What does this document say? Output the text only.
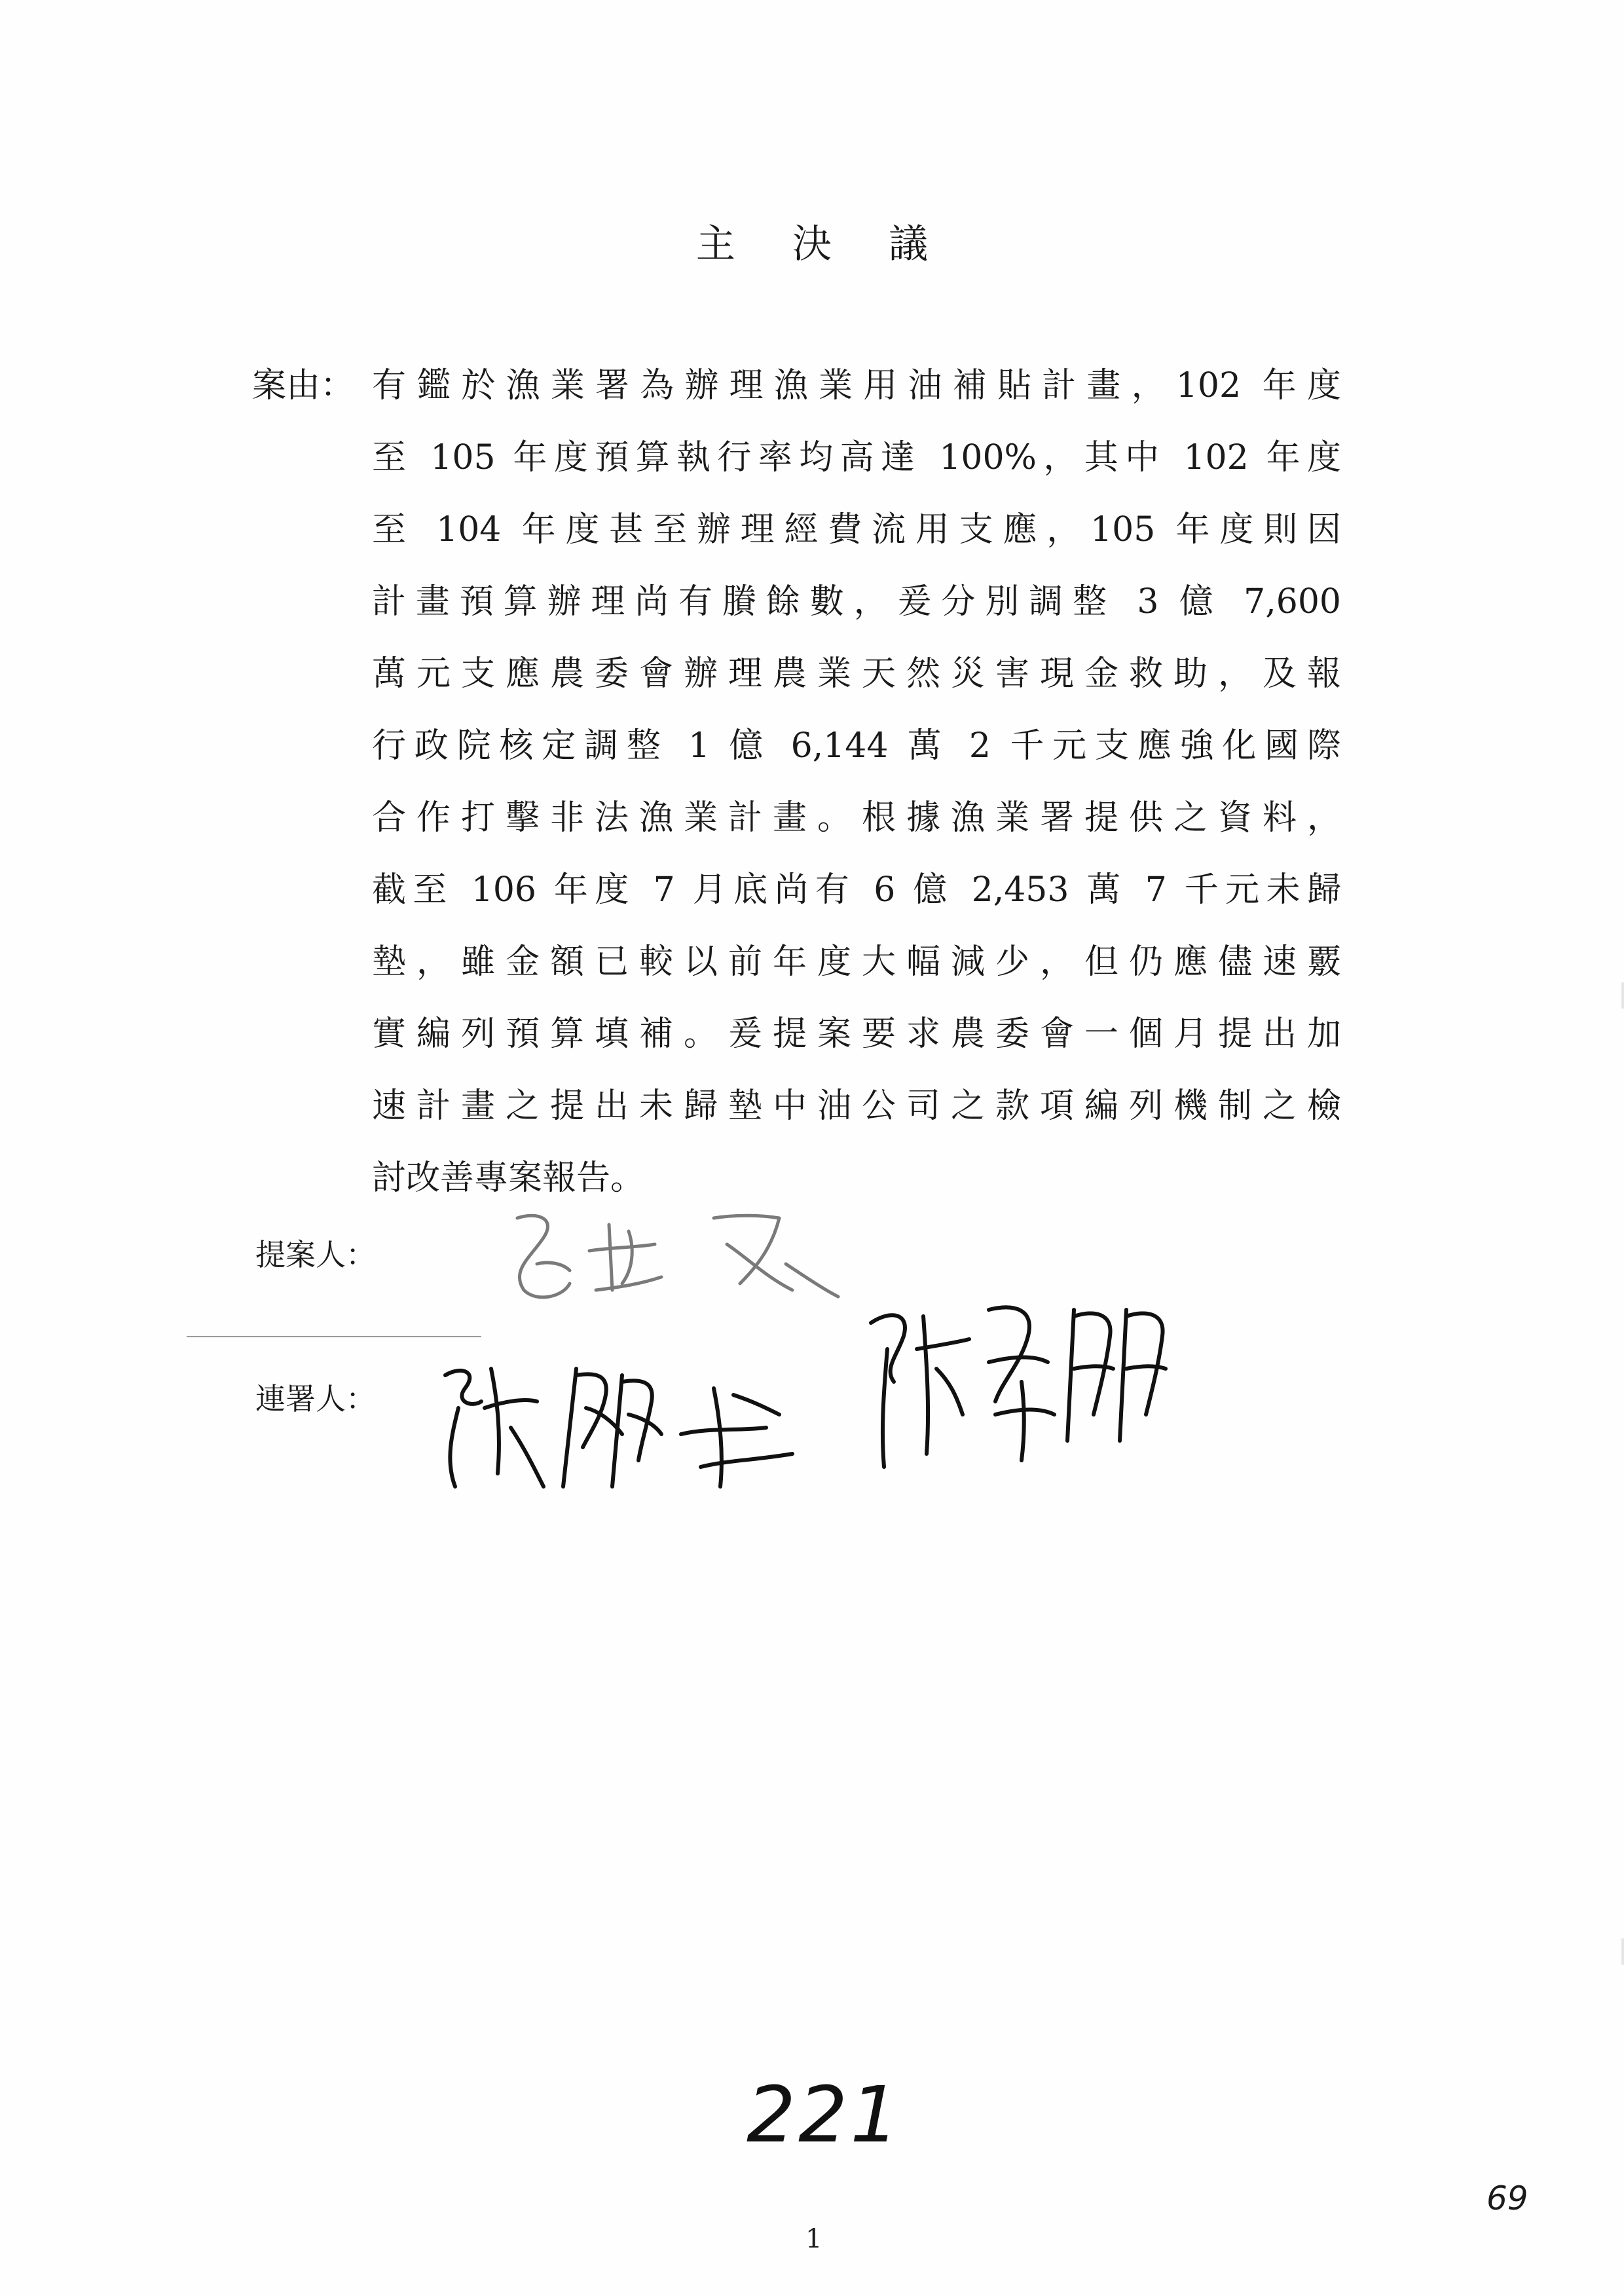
主 決 議
案由： 有鑑於漁業署為辦理漁業用油補貼計畫，102 年度
至 105 年度預算執行率均高達 100%，其中 102 年度
至 104 年度甚至辦理經費流用支應，105 年度則因
計畫預算辦理尚有賸餘數，爰分別調整 3 億 7,600
萬元支應農委會辦理農業天然災害現金救助，及報
行政院核定調整 1 億 6,144 萬 2 千元支應強化國際
合作打擊非法漁業計畫。根據漁業署提供之資料，
截至 106 年度 7 月底尚有 6 億 2,453 萬 7 千元未歸
墊，雖金額已較以前年度大幅減少，但仍應儘速覈
實編列預算填補。爰提案要求農委會一個月提出加
速計畫之提出未歸墊中油公司之款項編列機制之檢
討改善專案報告。
提案人：
連署人：
221
1
69
